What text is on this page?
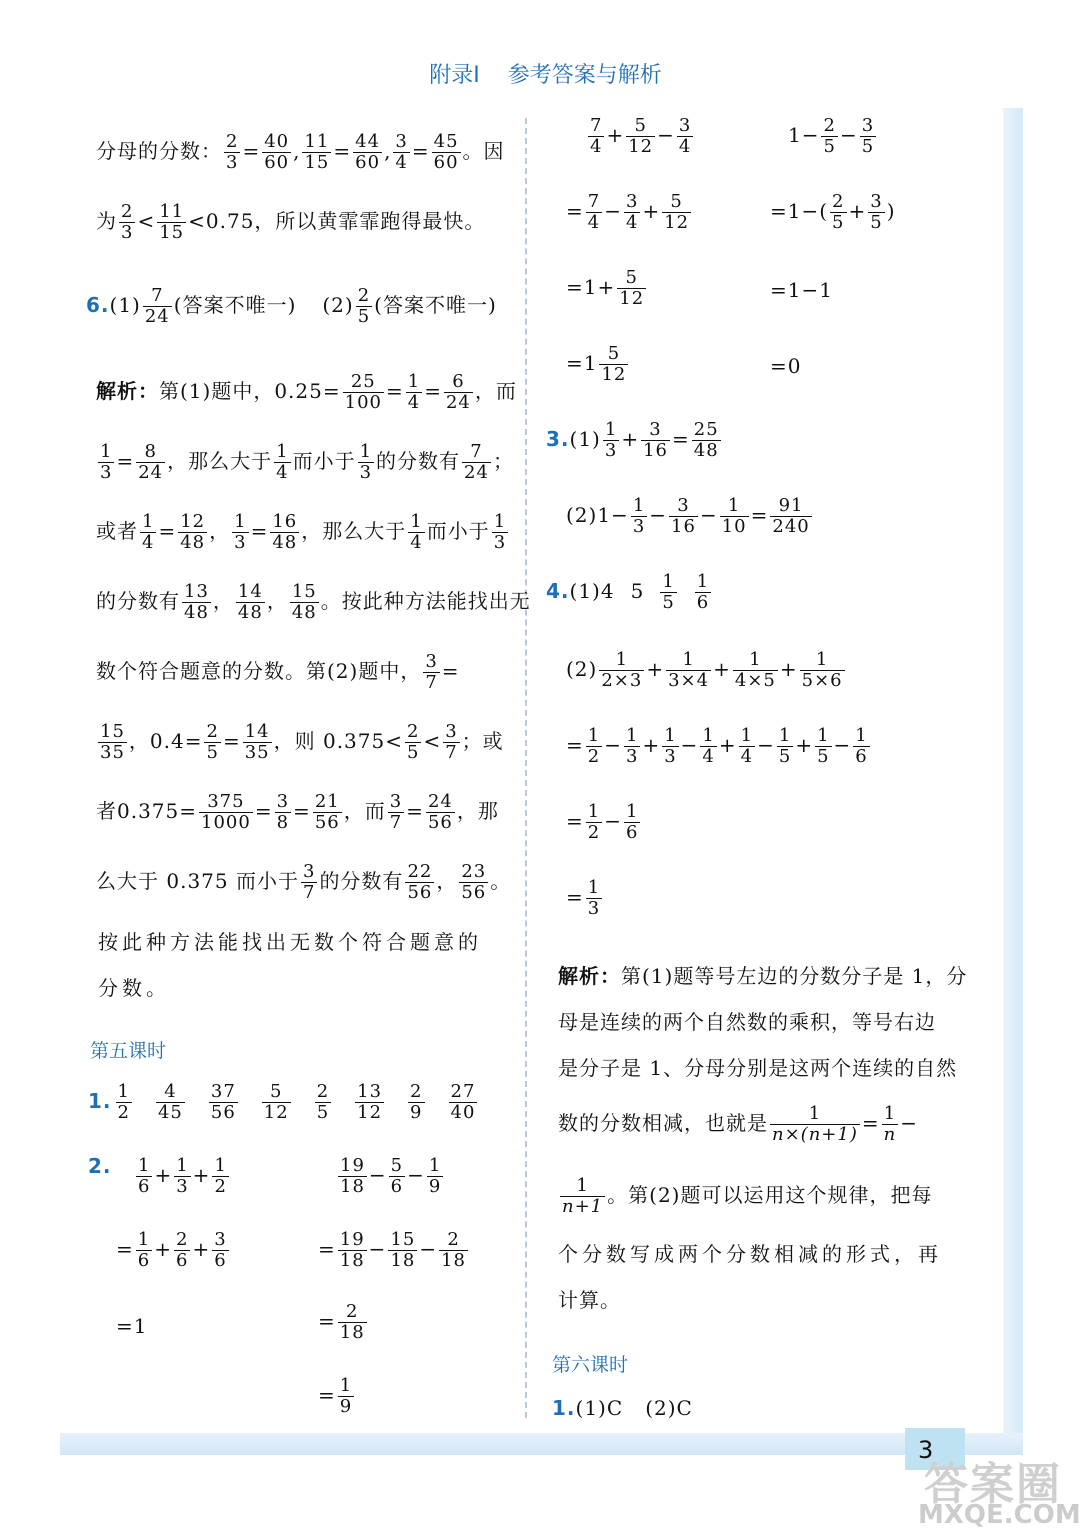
3
答案圈
MXQE.COM
附录Ⅰ 参考答案与解析
分母的分数： $\frac{2}{3} = \frac{40}{60}$ , $\frac{11}{15} = \frac{44}{60}$ , $\frac{3}{4} = \frac{45}{60}$ 。因
为 $\frac{2}{3} < \frac{11}{15} <0.75$，所以黄霏霏跑得最快。
$6.(1) \frac{7}{24}$ (答案不唯一) $(2) \frac{2}{5}$ (答案不唯一)
解析：第(1)题中，$0.25= \frac{25}{100} = \frac{1}{4} = \frac{6}{24}$ ，而
$\frac{1}{3} = \frac{8}{24}$ ，那么大于 $\frac{1}{4}$ 而小于 $\frac{1}{3}$ 的分数有 $\frac{7}{24}$ ；
或者 $\frac{1}{4} = \frac{12}{48}$ ， $\frac{1}{3} = \frac{16}{48}$ ，那么大于 $\frac{1}{4}$ 而小于 $\frac{1}{3}$
的分数有 $\frac{13}{48}$ ， $\frac{14}{48}$ ， $\frac{15}{48}$ 。按此种方法能找出无
数个符合题意的分数。第(2)题中， $\frac{3}{7}$ =
$\frac{15}{35}$ ，$0.4= \frac{2}{5} = \frac{14}{35}$ ，则 $0.375< \frac{2}{5} < \frac{3}{7}$ ；或
者$0.375= \frac{375}{1000} = \frac{3}{8} = \frac{21}{56}$ ，而 $\frac{3}{7} = \frac{24}{56}$ ，那
么大于 0.375 而小于 $\frac{3}{7}$ 的分数有 $\frac{22}{56}$ ， $\frac{23}{56}$ 。
按此种方法能找出无数个符合题意的
分数。
第五课时
1. $\frac{1}{2} \frac{4}{45} \frac{37}{56} \frac{5}{12} \frac{2}{5} \frac{13}{12} \frac{2}{9} \frac{27}{40}$
2. $\frac{1}{6} + \frac{1}{3} + \frac{1}{2}$
= $\frac{1}{6} + \frac{2}{6} + \frac{3}{6}$
=1
$\frac{19}{18} - \frac{5}{6} - \frac{1}{9}$
= $\frac{19}{18} - \frac{15}{18} - \frac{2}{18}$
= $\frac{2}{18}$
= $\frac{1}{9}$
$\frac{7}{4} + \frac{5}{12} - \frac{3}{4}$
= $\frac{7}{4} - \frac{3}{4} + \frac{5}{12}$
$=1+ \frac{5}{12}$
$=1 \frac{5}{12}$
$1- \frac{2}{5} - \frac{3}{5}$
$=1-( \frac{2}{5} + \frac{3}{5}$ )
=1−1
=0
$3.(1) \frac{1}{3} + \frac{3}{16} = \frac{25}{48}$
$(2)1- \frac{1}{3} - \frac{3}{16} - \frac{1}{10} = \frac{91}{240}$
4.(1)4 $5 \frac{1}{5} \frac{1}{6}$
$(2) \frac{1}{2\times 3} + \frac{1}{3\times 4} + \frac{1}{4\times 5} + \frac{1}{5\times 6}$
= $\frac{1}{2} - \frac{1}{3} + \frac{1}{3} - \frac{1}{4} + \frac{1}{4} - \frac{1}{5} + \frac{1}{5} - \frac{1}{6}$
= $\frac{1}{2} - \frac{1}{6}$
= $\frac{1}{3}$
解析：第(1)题等号左边的分数分子是 1，分
母是连续的两个自然数的乘积，等号右边
是分子是 1、分母分别是这两个连续的自然
数的分数相减，也就是 $\frac{1}{n\times(n+1)} = \frac{1}{n}$ −
$\frac{1}{n+1}$ 。第(2)题可以运用这个规律，把每
个分数写成两个分数相减的形式，再
计算。
第六课时
1.(1)C   (2)C
